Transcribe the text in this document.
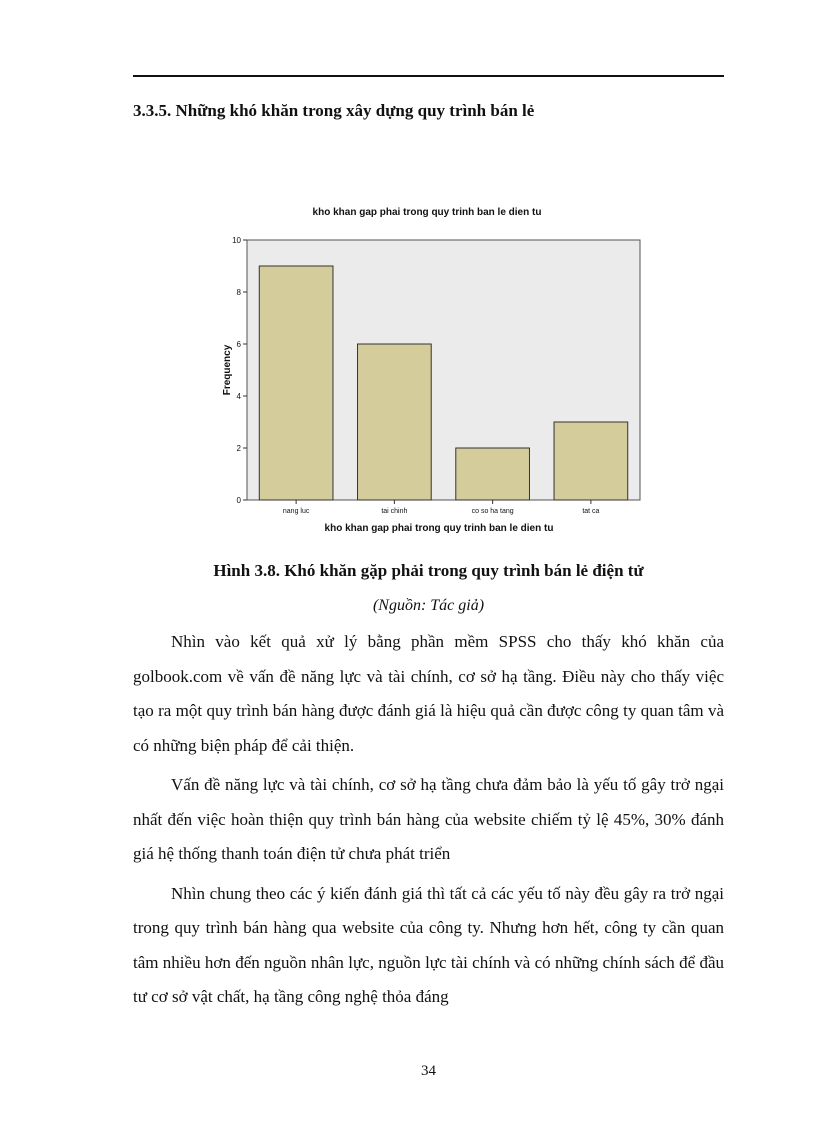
3.3.5. Những khó khăn trong xây dựng quy trình bán lẻ
kho khan gap phai trong quy trinh ban le dien tu
0
2
4
6
8
10
nang luc	tai chinh	co so ha tang	tat ca
Frequency
kho khan gap phai trong quy trinh ban le dien tu
Hình 3.8. Khó khăn gặp phải trong quy trình bán lẻ điện tử
(Nguồn: Tác giả)

Nhìn vào kết quả xử lý bằng phần mềm SPSS cho thấy khó khăn của golbook.com về vấn đề năng lực và tài chính, cơ sở hạ tầng. Điều này cho thấy việc tạo ra một quy trình bán hàng được đánh giá là hiệu quả cần được công ty quan tâm và có những biện pháp để cải thiện.

Vấn đề năng lực và tài chính, cơ sở hạ tầng chưa đảm bảo là yếu tố gây trở ngại nhất đến việc hoàn thiện quy trình bán hàng của website chiếm tỷ lệ 45%, 30% đánh giá hệ thống thanh toán điện tử chưa phát triển

Nhìn chung theo các ý kiến đánh giá thì tất cả các yếu tố này đều gây ra trở ngại trong quy trình bán hàng qua website của công ty. Nhưng hơn hết, công ty cần quan tâm nhiều hơn đến nguồn nhân lực, nguồn lực tài chính và có những chính sách để đầu tư cơ sở vật chất, hạ tầng công nghệ thỏa đáng

34
